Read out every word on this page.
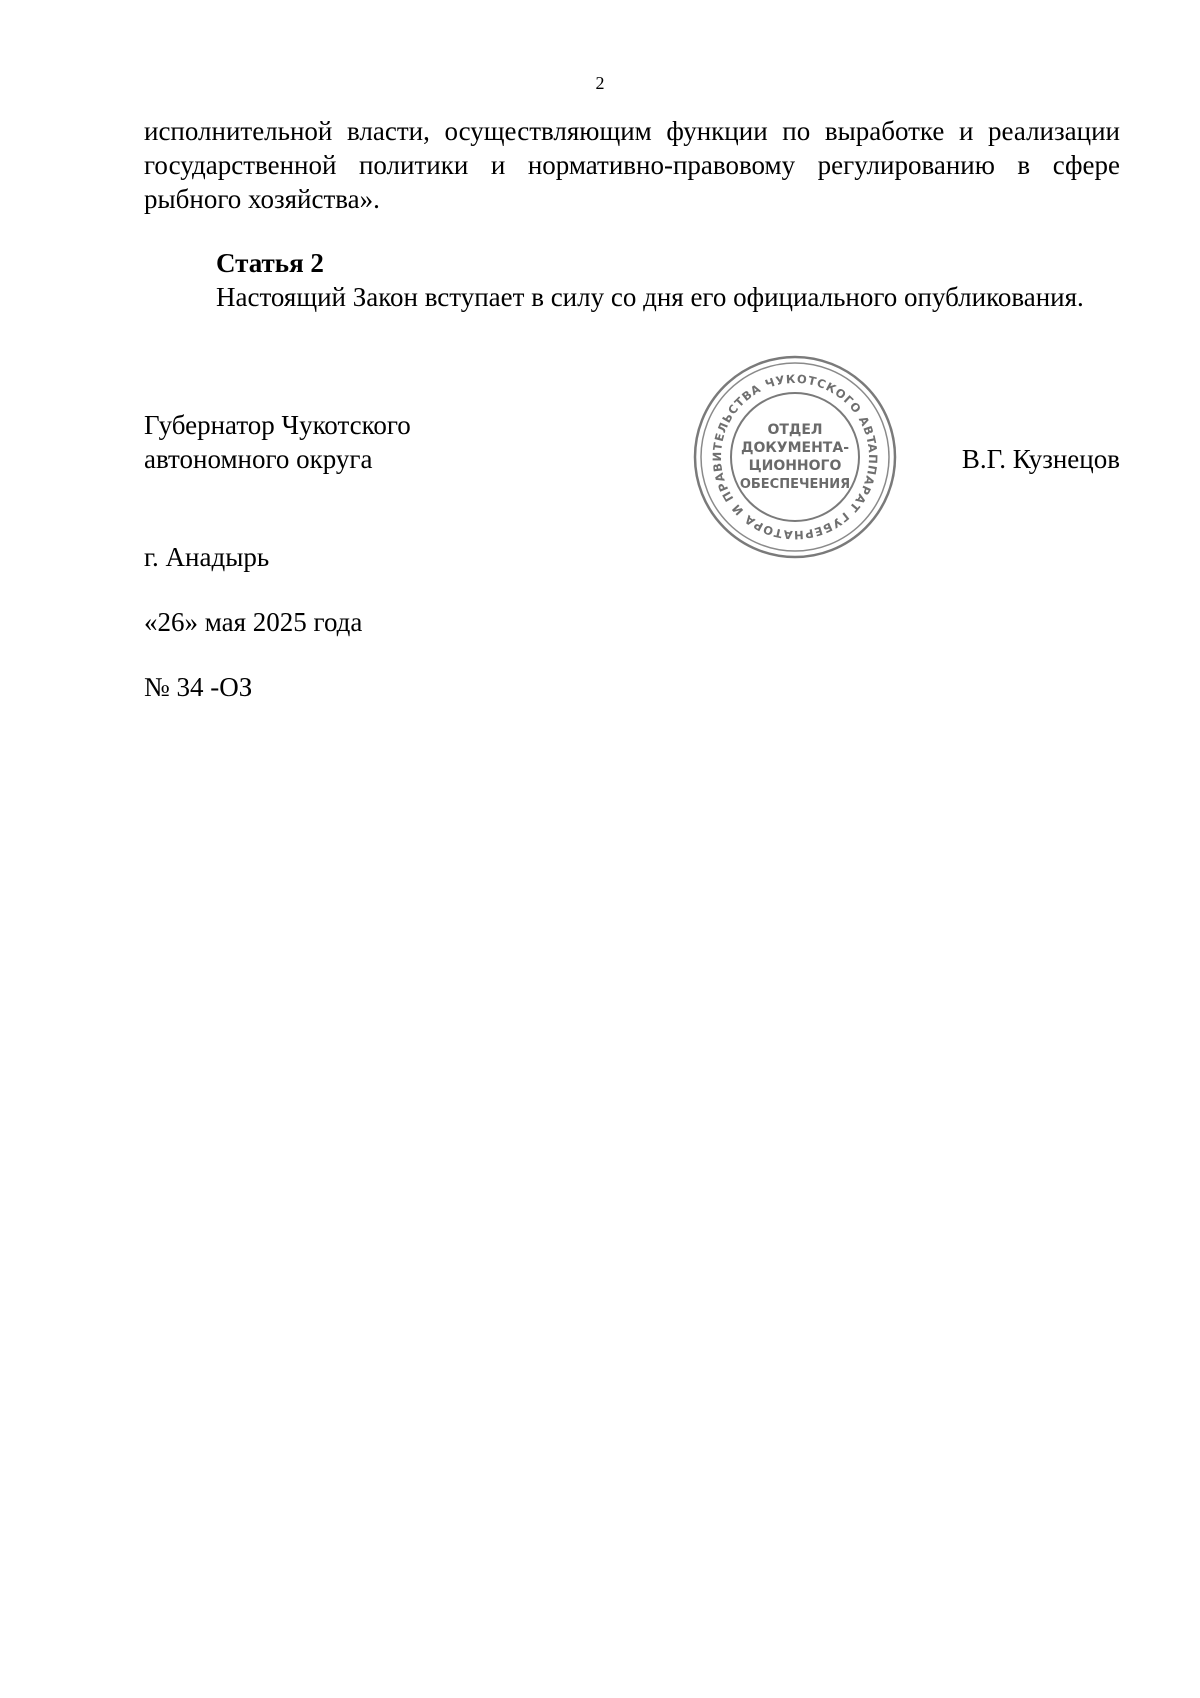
2
исполнительной власти, осуществляющим функции по выработке и реализации
государственной политики и нормативно-правовому регулированию в сфере
рыбного хозяйства».
Статья 2
Настоящий Закон вступает в силу со дня его официального опубликования.
Губернатор Чукотского
автономного округа	АППАРАТ ГУБЕРНАТОРА И ПРАВИТЕЛЬСТВА ЧУКОТСКОГО АВТ
ОТДЕЛ
ДОКУМЕНТА-
ЦИОННОГО
ОБЕСПЕЧЕНИЯ
В.Г. Кузнецов
г. Анадырь
«26» мая 2025 года
№ 34 -ОЗ
